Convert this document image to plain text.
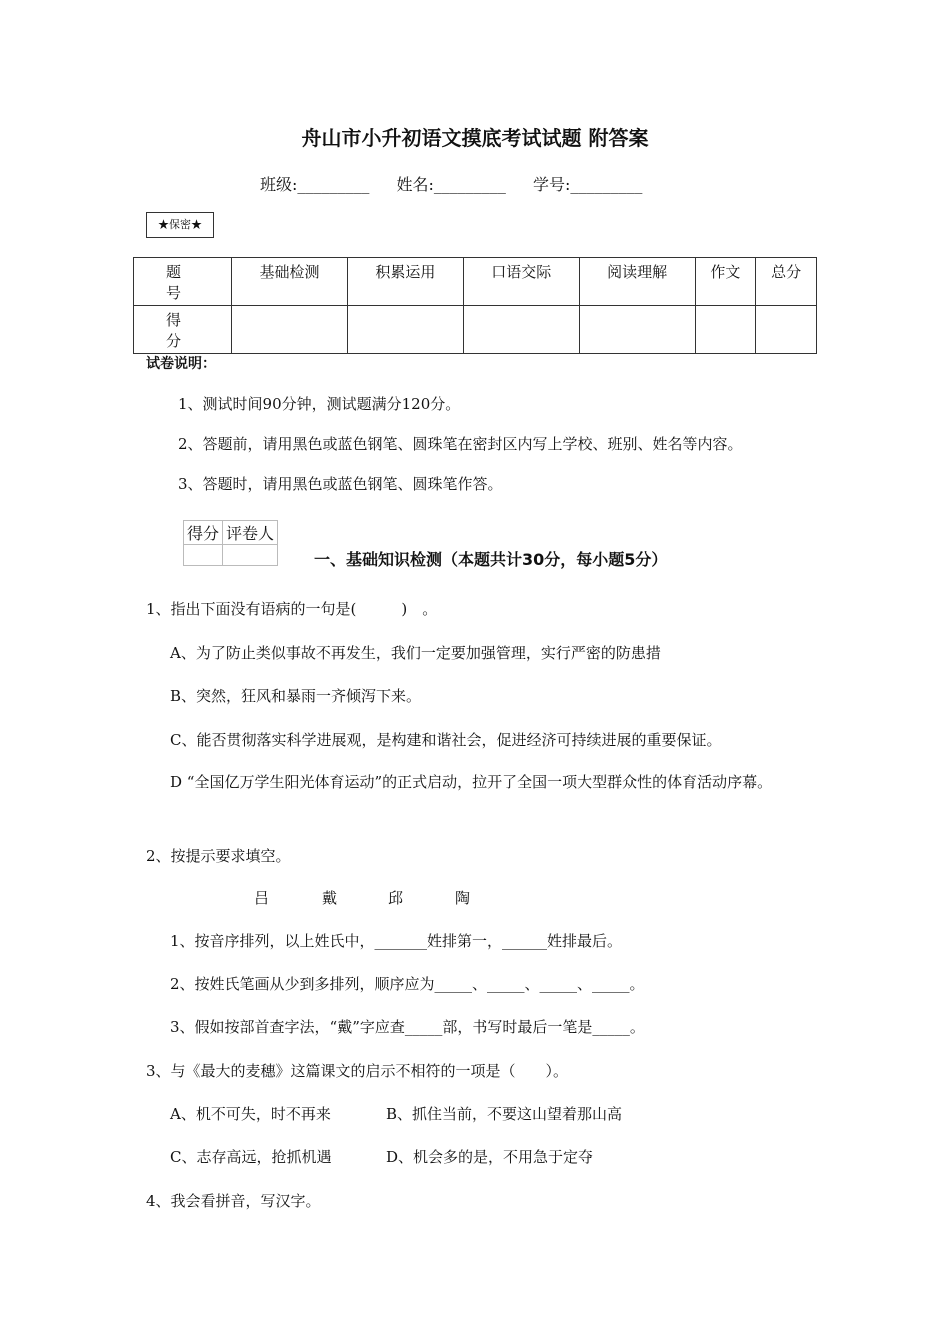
舟山市小升初语文摸底考试试题 附答案
班级:_________ 姓名:_________ 学号:_________
★保密★
题　号	基础检测	积累运用	口语交际	阅读理解	作文	总分
得　分						
试卷说明：
1、测试时间90分钟，测试题满分120分。
2、答题前，请用黑色或蓝色钢笔、圆珠笔在密封区内写上学校、班别、姓名等内容。
3、答题时，请用黑色或蓝色钢笔、圆珠笔作答。
得分	评卷人

一、基础知识检测（本题共计30分，每小题5分）
1、指出下面没有语病的一句是(　　　)　。
A、为了防止类似事故不再发生，我们一定要加强管理，实行严密的防患措
B、突然，狂风和暴雨一齐倾泻下来。
C、能否贯彻落实科学进展观，是构建和谐社会，促进经济可持续进展的重要保证。
D “全国亿万学生阳光体育运动”的正式启动，拉开了全国一项大型群众性的体育活动序幕。
2、按提示要求填空。
吕	戴	邱	陶
1、按音序排列，以上姓氏中，_______姓排第一，______姓排最后。
2、按姓氏笔画从少到多排列，顺序应为_____、_____、_____、_____。
3、假如按部首查字法，“戴”字应查_____部，书写时最后一笔是_____。
3、与《最大的麦穗》这篇课文的启示不相符的一项是（　　）。
A、机不可失，时不再来	B、抓住当前，不要这山望着那山高
C、志存高远，抢抓机遇	D、机会多的是，不用急于定夺
4、我会看拼音，写汉字。
